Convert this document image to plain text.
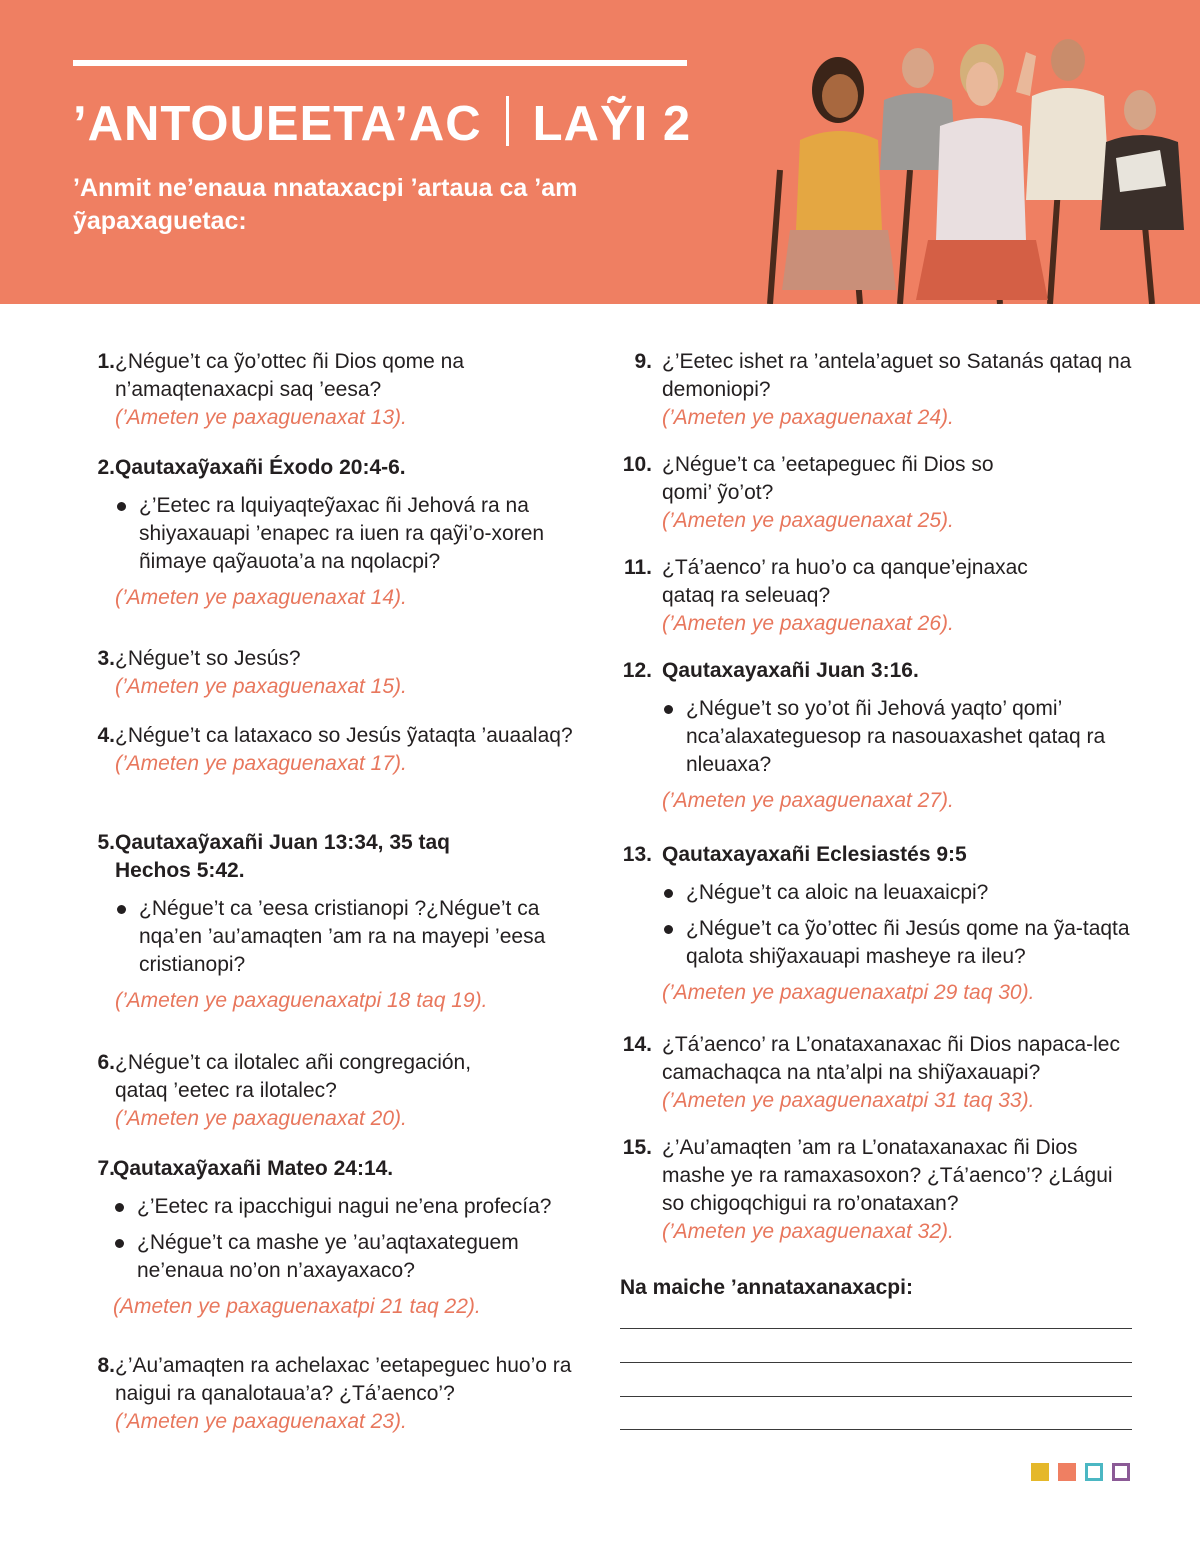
’ANTOUEETA’AC LAỸI 2
’Anmit ne’enaua nnataxacpi ’artaua ca ’am ỹapaxaguetac:
1. ¿Négue’t ca ỹo’ottec ñi Dios qome na n’amaqtenaxacpi saq ’eesa?
(’Ameten ye paxaguenaxat 13).
2. Qautaxaỹaxañi Éxodo 20:4-6.
¿’Eetec ra lquiyaqteỹaxac ñi Jehová ra na shiyaxauapi ’enapec ra iuen ra qaỹi’o-xoren ñimaye qaỹauota’a na nqolacpi?
(’Ameten ye paxaguenaxat 14).
3. ¿Négue’t so Jesús?
(’Ameten ye paxaguenaxat 15).
4. ¿Négue’t ca lataxaco so Jesús ỹataqta ’auaalaq?
(’Ameten ye paxaguenaxat 17).
5. Qautaxaỹaxañi Juan 13:34, 35 taq Hechos 5:42.
¿Négue’t ca ’eesa cristianopi ?¿Négue’t ca nqa’en ’au’amaqten ’am ra na mayepi ’eesa cristianopi?
(’Ameten ye paxaguenaxatpi 18 taq 19).
6. ¿Négue’t ca ilotalec añi congregación, qataq ’eetec ra ilotalec?
(’Ameten ye paxaguenaxat 20).
7.
Qautaxaỹaxañi Mateo 24:14.
¿’Eetec ra ipacchigui nagui ne’ena profecía?
¿Négue’t ca mashe ye ’au’aqtaxateguem ne’enaua no’on n’axayaxaco?
(Ameten ye paxaguenaxatpi 21 taq 22).
8. ¿’Au’amaqten ra achelaxac ’eetapeguec huo’o ra naigui ra qanalotaua’a? ¿Tá’aenco’?
(’Ameten ye paxaguenaxat 23).
9. ¿’Eetec ishet ra ’antela’aguet so Satanás qataq na demoniopi?
(’Ameten ye paxaguenaxat 24).
10. ¿Négue’t ca ’eetapeguec ñi Dios so qomi’ ỹo’ot?
(’Ameten ye paxaguenaxat 25).
11. ¿Tá’aenco’ ra huo’o ca qanque’ejnaxac qataq ra seleuaq?
(’Ameten ye paxaguenaxat 26).
12. Qautaxayaxañi Juan 3:16.
¿Négue’t so yo’ot ñi Jehová yaqto’ qomi’ nca’alaxateguesop ra nasouaxashet qataq ra nleuaxa?
(’Ameten ye paxaguenaxat 27).
13. Qautaxayaxañi Eclesiastés 9:5
¿Négue’t ca aloic na leuaxaicpi?
¿Négue’t ca ỹo’ottec ñi Jesús qome na ỹa-taqta qalota shiỹaxauapi masheye ra ileu?
(’Ameten ye paxaguenaxatpi 29 taq 30).
14. ¿Tá’aenco’ ra L’onataxanaxac ñi Dios napaca-lec camachaqca na nta’alpi na shiỹaxauapi?
(’Ameten ye paxaguenaxatpi 31 taq 33).
15. ¿’Au’amaqten ’am ra L’onataxanaxac ñi Dios mashe ye ra ramaxasoxon? ¿Tá’aenco’? ¿Lágui so chigoqchigui ra ro’onataxan?
(’Ameten ye paxaguenaxat 32).
Na maiche ’annataxanaxacpi:
